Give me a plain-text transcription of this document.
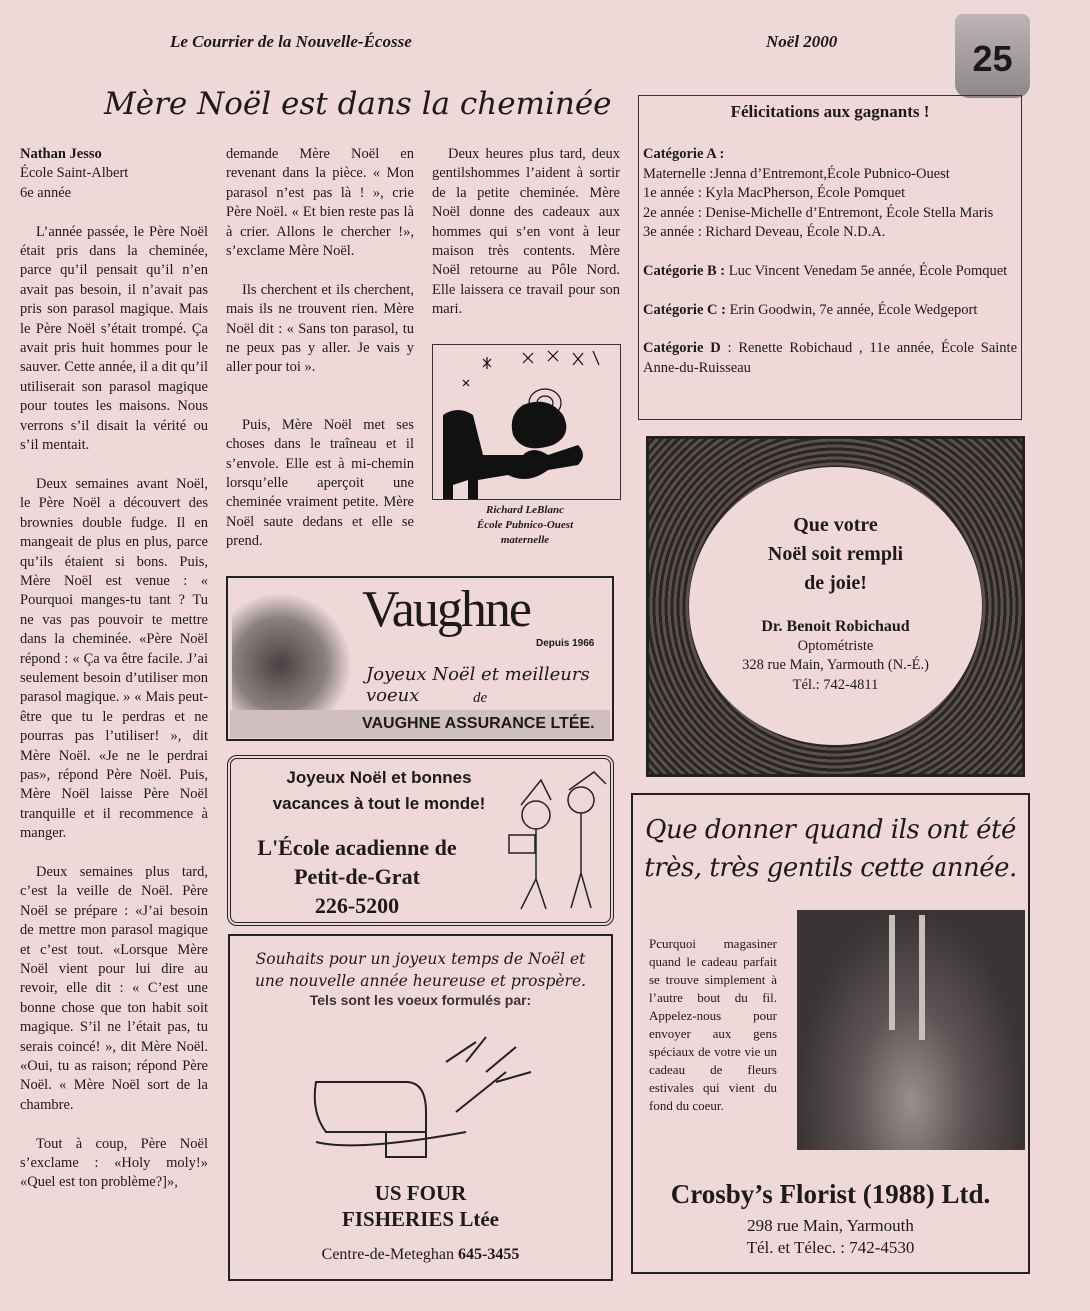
Le Courrier de la Nouvelle-Écosse	Noël 2000	25
Mère Noël est dans la cheminée
Nathan Jesso
École Saint-Albert
6e année

L’année passée, le Père Noël était pris dans la cheminée, parce qu’il pensait qu’il n’en avait pas besoin, il n’avait pas pris son parasol magique. Mais le Père Noël s’était trompé. Ça avait pris huit hommes pour le sauver. Cette année, il a dit qu’il utiliserait son parasol magique pour toutes les maisons. Nous verrons s’il disait la vérité ou s’il mentait.

Deux semaines avant Noël, le Père Noël a découvert des brownies double fudge. Il en mangeait de plus en plus, parce qu’ils étaient si bons. Puis, Mère Noël est venue : « Pourquoi manges-tu tant ? Tu ne vas pas pouvoir te mettre dans la cheminée. «Père Noël répond : « Ça va être facile. J’ai seulement besoin d’utiliser mon parasol magique. » « Mais peut-être que tu le perdras et ne pourras pas l’utiliser! », dit Mère Noël. «Je ne le perdrai pas», répond Père Noël. Puis, Mère Noël laisse Père Noël tranquille et il recommence à manger.

Deux semaines plus tard, c’est la veille de Noël. Père Noël se prépare : «J’ai besoin de mettre mon parasol magique et c’est tout. «Lorsque Mère Noël vient pour lui dire au revoir, elle dit : « C’est une bonne chose que ton habit soit magique. S’il ne l’était pas, tu serais coincé! », dit Mère Noël. «Oui, tu as raison; répond Père Noël. « Mère Noël sort de la chambre.

Tout à coup, Père Noël s’exclame : «Holy moly!» «Quel est ton problème?]»,

demande Mère Noël en revenant dans la pièce. « Mon parasol n’est pas là ! », crie Père Noël. « Et bien reste pas là à crier. Allons le chercher !», s’exclame Mère Noël.

Ils cherchent et ils cherchent, mais ils ne trouvent rien. Mère Noël dit : « Sans ton parasol, tu ne peux pas y aller. Je vais y aller pour toi ».

Puis, Mère Noël met ses choses dans le traîneau et il s’envole. Elle est à mi-chemin lorsqu’elle aperçoit une cheminée vraiment petite. Mère Noël saute dedans et elle se prend.

Deux heures plus tard, deux gentilshommes l’aident à sortir de la petite cheminée. Mère Noël donne des cadeaux aux hommes qui s’en vont à leur maison très contents. Mère Noël retourne au Pôle Nord. Elle laissera ce travail pour son mari.

Richard LeBlanc
École Pubnico-Ouest
maternelle
Félicitations aux gagnants !
Catégorie A :
Maternelle :Jenna d’Entremont,École Pubnico-Ouest
1e année : Kyla MacPherson, École Pomquet
2e année : Denise-Michelle d’Entremont, École Stella Maris

3e année : Richard Deveau, École N.D.A.

Catégorie B : Luc Vincent Venedam 5e année, École Pomquet

Catégorie C : Erin Goodwin, 7e année, École Wedgeport

Catégorie D : Renette Robichaud , 11e année, École Sainte Anne-du-Ruisseau

Vaughne
Depuis 1966
Joyeux Noël et meilleurs voeux	de
VAUGHNE ASSURANCE LTÉE.
Joyeux Noël et bonnes
vacances à tout le monde!
L'École acadienne de
Petit-de-Grat
226-5200
Souhaits pour un joyeux temps de Noël et
une nouvelle année heureuse et prospère.
Tels sont les voeux formulés par:
US FOUR
FISHERIES Ltée
Centre-de-Meteghan 645-3455
Que votre
Noël soit rempli
de joie!
Dr. Benoit Robichaud
Optométriste
328 rue Main, Yarmouth (N.-É.)
Tél.: 742-4811
Que donner quand ils ont été
très, très gentils cette année.
Pcurquoi magasiner quand le cadeau parfait se trouve simplement à l’autre bout du fil. Appelez-nous pour envoyer aux gens spéciaux de votre vie un cadeau de fleurs estivales qui vient du fond du coeur.
Crosby’s Florist (1988) Ltd.
298 rue Main, Yarmouth
Tél. et Télec. : 742-4530
